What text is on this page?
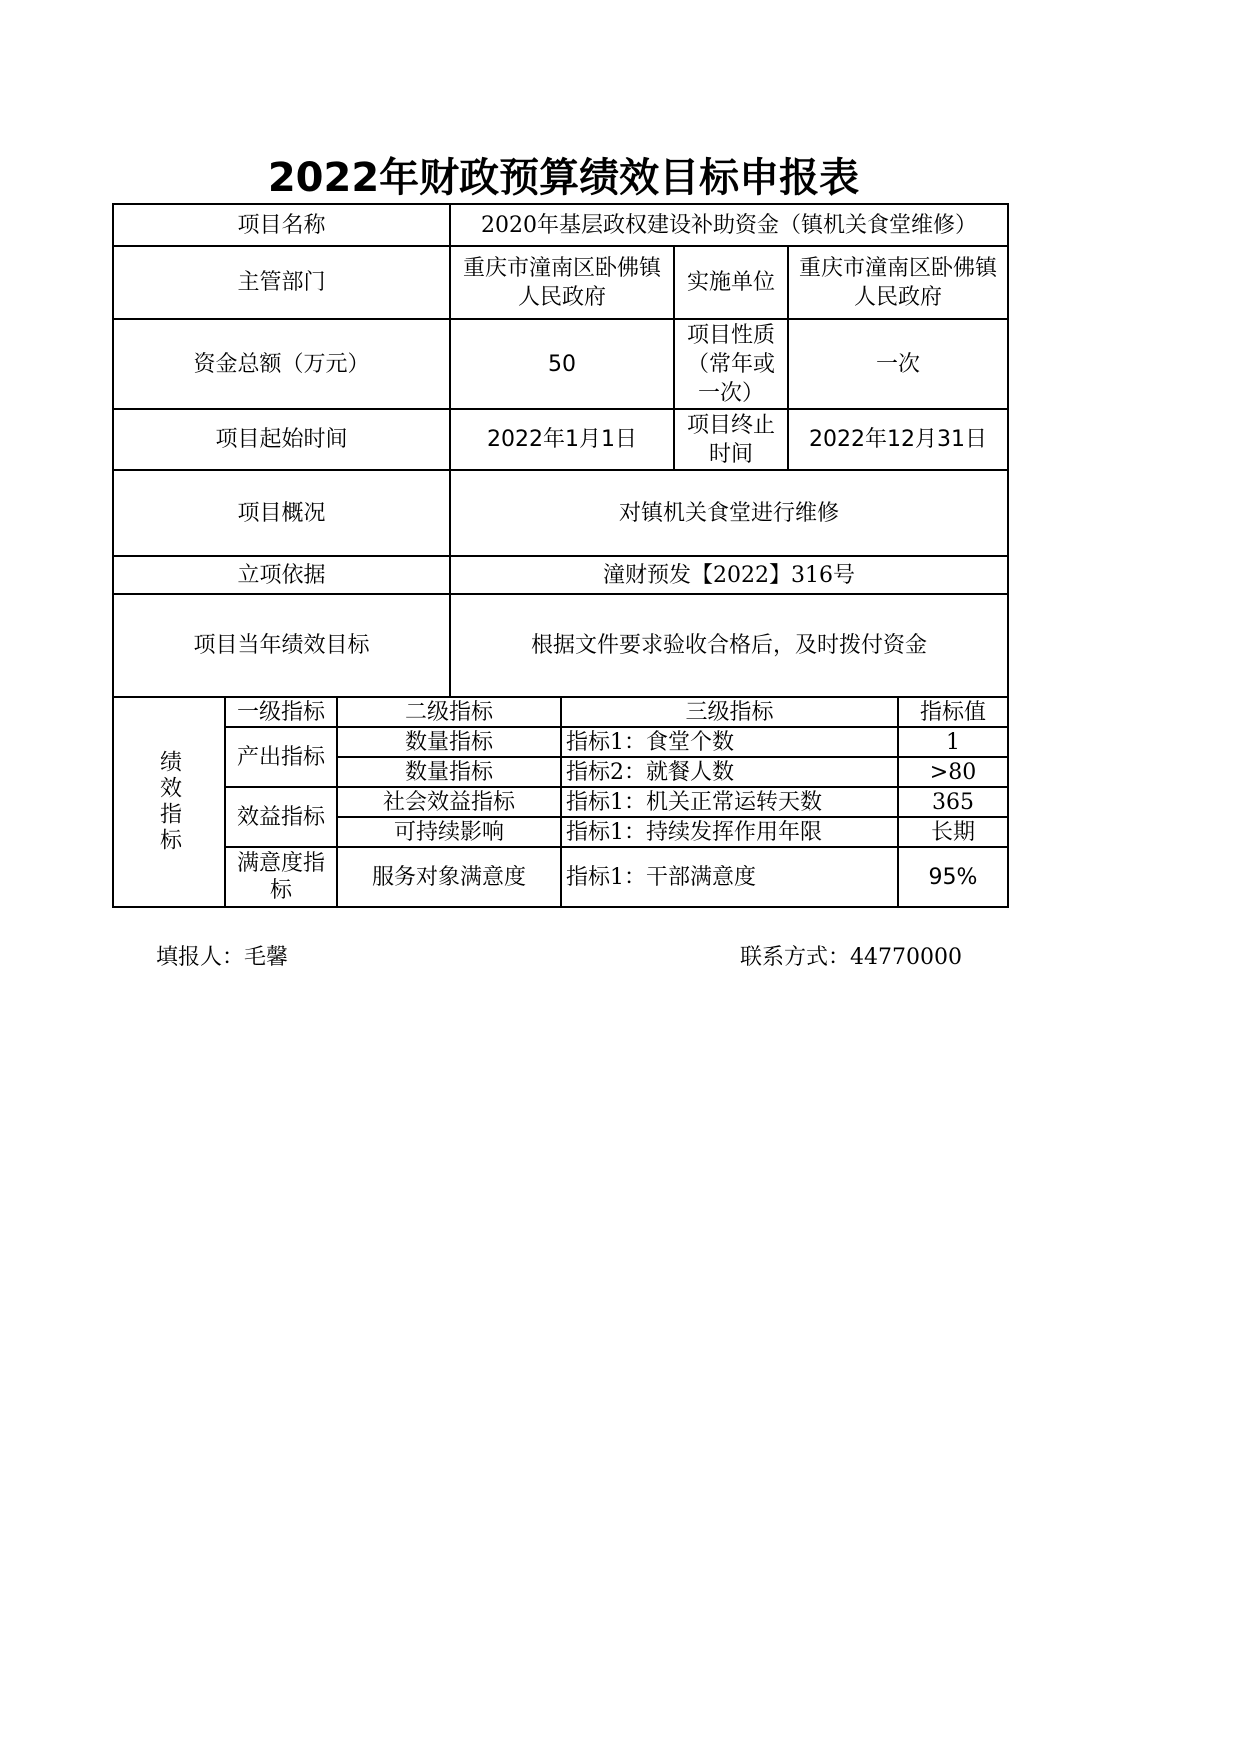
2022年财政预算绩效目标申报表
项目名称	2020年基层政权建设补助资金（镇机关食堂维修）		
主管部门	重庆市潼南区卧佛镇人民政府	实施单位	重庆市潼南区卧佛镇人民政府
资金总额（万元）	50	项目性质（常年或一次）	一次
项目起始时间	2022年1月1日	项目终止时间	2022年12月31日
项目概况	对镇机关食堂进行维修		
立项依据	潼财预发【2022】316号		
项目当年绩效目标	根据文件要求验收合格后，及时拨付资金		
绩效指标	一级指标	二级指标	三级指标	指标值
	产出指标	数量指标	指标1：食堂个数	1
		数量指标	指标2：就餐人数	>80
	效益指标	社会效益指标	指标1：机关正常运转天数	365
		可持续影响	指标1：持续发挥作用年限	长期
	满意度指标	服务对象满意度	指标1：干部满意度	95%
填报人：毛馨	联系方式：44770000
